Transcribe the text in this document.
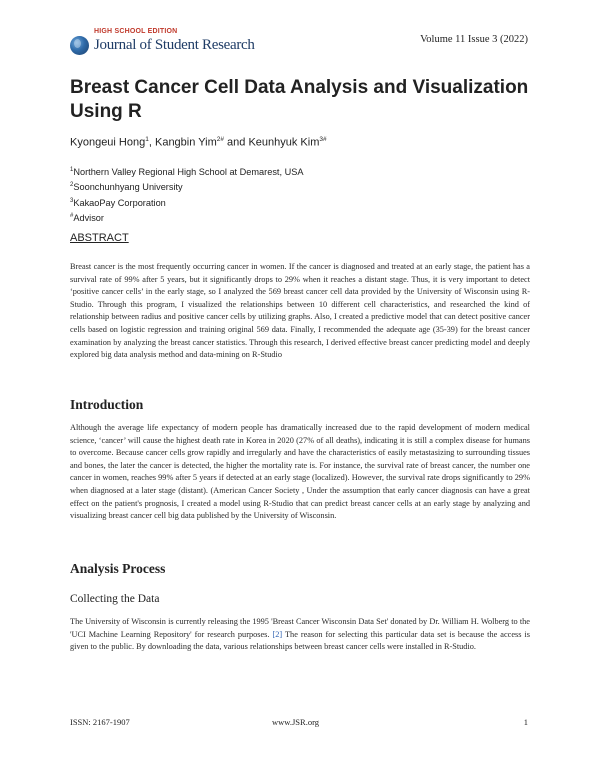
HIGH SCHOOL EDITION
Journal of Student Research	Volume 11 Issue 3 (2022)
Breast Cancer Cell Data Analysis and Visualization Using R
Kyongeui Hong$^1$, Kangbin Yim$^{2\#}$ and Keunhyuk Kim$^{3\#}$
$^1$Northern Valley Regional High School at Demarest, USA
$^2$Soonchunhyang University
$^3$KakaoPay Corporation
#Advisor
ABSTRACT
Breast cancer is the most frequently occurring cancer in women. If the cancer is diagnosed and treated at an early stage, the patient has a survival rate of 99% after 5 years, but it significantly drops to 29% when it reaches a distant stage. Thus, it is very important to detect ‘positive cancer cells’ in the early stage, so I analyzed the 569 breast cancer cell data provided by the University of Wisconsin using R-Studio. Through this program, I visualized the relationships between 10 different cell characteristics, and researched the kind of relationship between radius and positive cancer cells by utilizing graphs. Also, I created a predictive model that can detect positive cancer cells based on logistic regression and training original 569 data. Finally, I recommended the adequate age (35-39) for the breast cancer examination by analyzing the breast cancer statistics. Through this research, I derived effective breast cancer predicting model and deeply explored big data analysis method and data-mining on R-Studio
Introduction
Although the average life expectancy of modern people has dramatically increased due to the rapid development of modern medical science, ‘cancer’ will cause the highest death rate in Korea in 2020 (27% of all deaths), indicating it is still a complex disease for humans to overcome. Because cancer cells grow rapidly and irregularly and have the characteristics of easily metastasizing to surrounding tissues and bones, the later the cancer is detected, the higher the mortality rate is. For instance, the survival rate of breast cancer, the number one cancer in women, reaches 99% after 5 years if detected at an early stage (localized). However, the survival rate drops significantly to 29% when diagnosed at a later stage (distant). (American Cancer Society , Under the assumption that early cancer diagnosis can have a great effect on the patient's prognosis, I created a model using R-Studio that can predict breast cancer cells at an early stage by analyzing and visualizing breast cancer cell big data published by the University of Wisconsin.
Analysis Process
Collecting the Data
The University of Wisconsin is currently releasing the 1995 'Breast Cancer Wisconsin Data Set' donated by Dr. William H. Wolberg to the 'UCI Machine Learning Repository' for research purposes. [2] The reason for selecting this particular data set is because the access is given to the public. By downloading the data, various relationships between breast cancer cells were installed in R-Studio.
ISSN: 2167-1907	www.JSR.org	1
